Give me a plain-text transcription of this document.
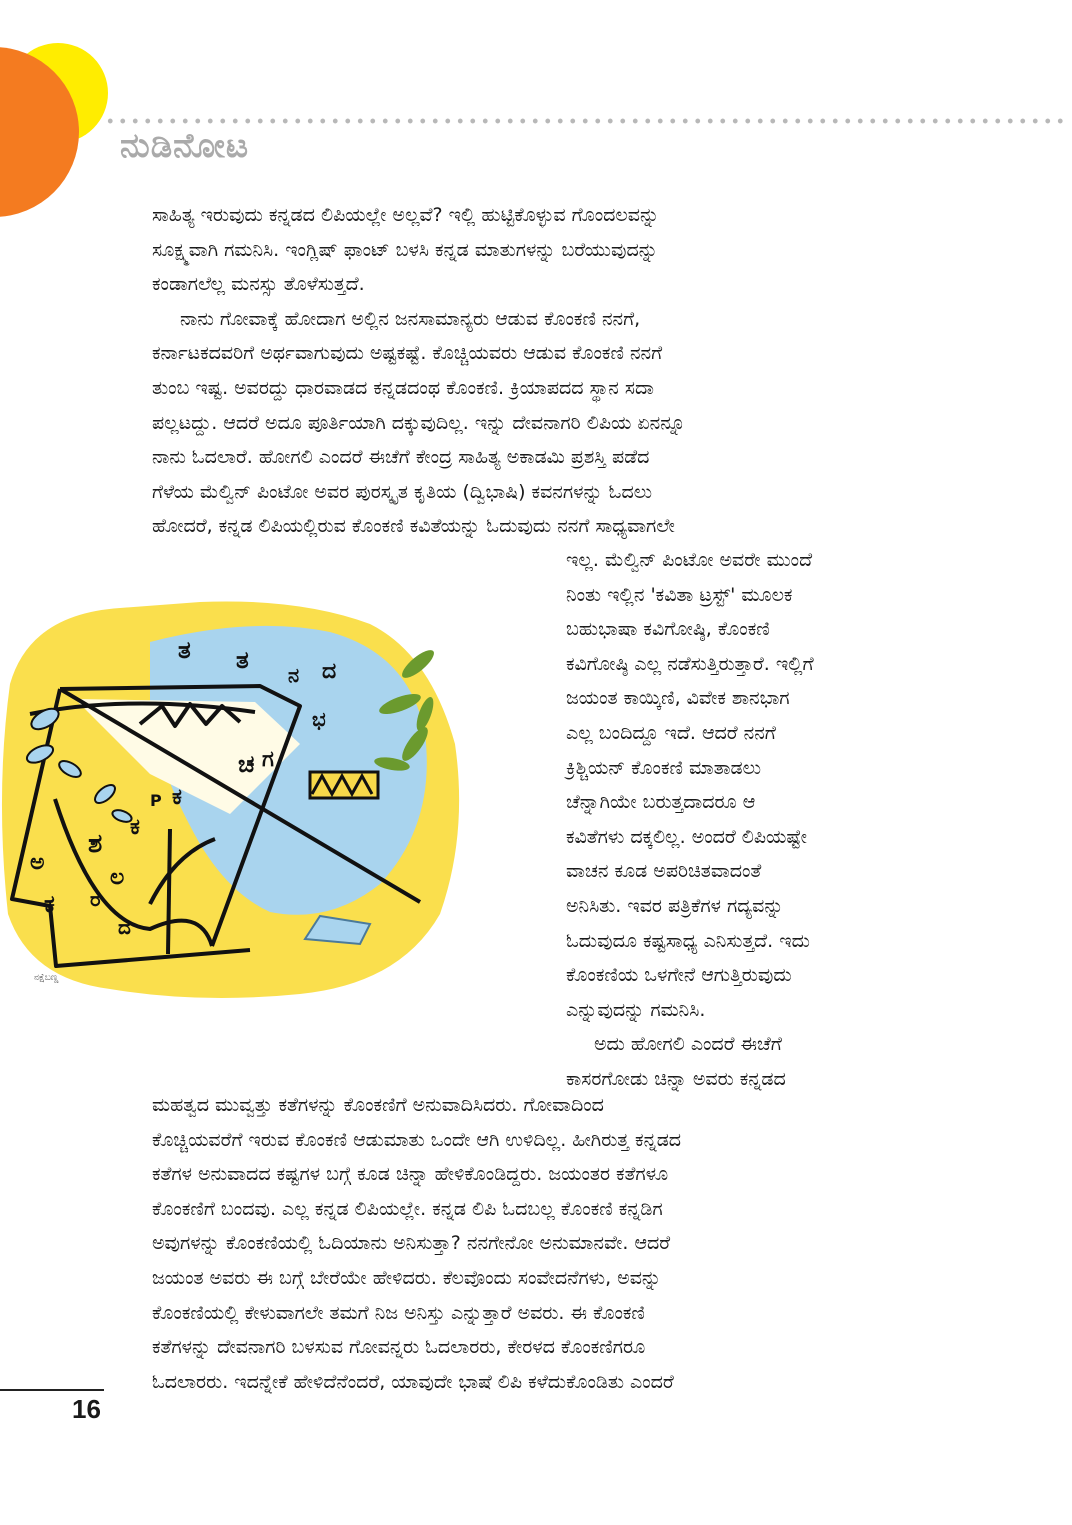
ನುಡಿನೋಟ
ಸಾಹಿತ್ಯ ಇರುವುದು ಕನ್ನಡದ ಲಿಪಿಯಲ್ಲೇ ಅಲ್ಲವೆ? ಇಲ್ಲಿ ಹುಟ್ಟಿಕೊಳ್ಳುವ ಗೊಂದಲವನ್ನು
ಸೂಕ್ಷ್ಮವಾಗಿ ಗಮನಿಸಿ. ಇಂಗ್ಲಿಷ್ ಫಾಂಟ್ ಬಳಸಿ ಕನ್ನಡ ಮಾತುಗಳನ್ನು ಬರೆಯುವುದನ್ನು
ಕಂಡಾಗಲೆಲ್ಲ ಮನಸ್ಸು ತೊಳೆಸುತ್ತದೆ.
ನಾನು ಗೋವಾಕ್ಕೆ ಹೋದಾಗ ಅಲ್ಲಿನ ಜನಸಾಮಾನ್ಯರು ಆಡುವ ಕೊಂಕಣಿ ನನಗೆ,
ಕರ್ನಾಟಕದವರಿಗೆ ಅರ್ಥವಾಗುವುದು ಅಷ್ಟಕಷ್ಟೆ. ಕೊಚ್ಚಿಯವರು ಆಡುವ ಕೊಂಕಣಿ ನನಗೆ
ತುಂಬ ಇಷ್ಟ. ಅವರದ್ದು ಧಾರವಾಡದ ಕನ್ನಡದಂಥ ಕೊಂಕಣಿ. ಕ್ರಿಯಾಪದದ ಸ್ಥಾನ ಸದಾ
ಪಲ್ಲಟದ್ದು. ಆದರೆ ಅದೂ ಪೂರ್ತಿಯಾಗಿ ದಕ್ಕುವುದಿಲ್ಲ. ಇನ್ನು ದೇವನಾಗರಿ ಲಿಪಿಯ ಏನನ್ನೂ
ನಾನು ಓದಲಾರೆ. ಹೋಗಲಿ ಎಂದರೆ ಈಚೆಗೆ ಕೇಂದ್ರ ಸಾಹಿತ್ಯ ಅಕಾಡಮಿ ಪ್ರಶಸ್ತಿ ಪಡೆದ
ಗೆಳೆಯ ಮೆಲ್ವಿನ್ ಪಿಂಟೋ ಅವರ ಪುರಸ್ಕೃತ ಕೃತಿಯ (ದ್ವಿಭಾಷಿ) ಕವನಗಳನ್ನು ಓದಲು
ಹೋದರೆ, ಕನ್ನಡ ಲಿಪಿಯಲ್ಲಿರುವ ಕೊಂಕಣಿ ಕವಿತೆಯನ್ನು ಓದುವುದು ನನಗೆ ಸಾಧ್ಯವಾಗಲೇ
ತ ತ
ನ ದ
ಭ
ಚ ಗ
P ಕ
ಕ
ಶ
ಲ
ಅ
ಕ ರ
ದ
ನಕ್ಷೆಬಣ್ಣ
ಇಲ್ಲ. ಮೆಲ್ವಿನ್ ಪಿಂಟೋ ಅವರೇ ಮುಂದೆ
ನಿಂತು ಇಲ್ಲಿನ 'ಕವಿತಾ ಟ್ರಸ್ಟ್' ಮೂಲಕ
ಬಹುಭಾಷಾ ಕವಿಗೋಷ್ಠಿ, ಕೊಂಕಣಿ
ಕವಿಗೋಷ್ಠಿ ಎಲ್ಲ ನಡೆಸುತ್ತಿರುತ್ತಾರೆ. ಇಲ್ಲಿಗೆ
ಜಯಂತ ಕಾಯ್ಕಿಣಿ, ವಿವೇಕ ಶಾನಭಾಗ
ಎಲ್ಲ ಬಂದಿದ್ದೂ ಇದೆ. ಆದರೆ ನನಗೆ
ಕ್ರಿಶ್ಚಿಯನ್ ಕೊಂಕಣಿ ಮಾತಾಡಲು
ಚೆನ್ನಾಗಿಯೇ ಬರುತ್ತದಾದರೂ ಆ
ಕವಿತೆಗಳು ದಕ್ಕಲಿಲ್ಲ. ಅಂದರೆ ಲಿಪಿಯಷ್ಟೇ
ವಾಚನ ಕೂಡ ಅಪರಿಚಿತವಾದಂತೆ
ಅನಿಸಿತು. ಇವರ ಪತ್ರಿಕೆಗಳ ಗದ್ಯವನ್ನು
ಓದುವುದೂ ಕಷ್ಟಸಾಧ್ಯ ಎನಿಸುತ್ತದೆ. ಇದು
ಕೊಂಕಣಿಯ ಒಳಗೇನೆ ಆಗುತ್ತಿರುವುದು
ಎನ್ನುವುದನ್ನು ಗಮನಿಸಿ.
ಅದು ಹೋಗಲಿ ಎಂದರೆ ಈಚೆಗೆ
ಕಾಸರಗೋಡು ಚಿನ್ನಾ ಅವರು ಕನ್ನಡದ
ಮಹತ್ವದ ಮುವ್ವತ್ತು ಕತೆಗಳನ್ನು ಕೊಂಕಣಿಗೆ ಅನುವಾದಿಸಿದರು. ಗೋವಾದಿಂದ
ಕೊಚ್ಚಿಯವರೆಗೆ ಇರುವ ಕೊಂಕಣಿ ಆಡುಮಾತು ಒಂದೇ ಆಗಿ ಉಳಿದಿಲ್ಲ. ಹೀಗಿರುತ್ತ ಕನ್ನಡದ
ಕತೆಗಳ ಅನುವಾದದ ಕಷ್ಟಗಳ ಬಗ್ಗೆ ಕೂಡ ಚಿನ್ನಾ ಹೇಳಿಕೊಂಡಿದ್ದರು. ಜಯಂತರ ಕತೆಗಳೂ
ಕೊಂಕಣಿಗೆ ಬಂದವು. ಎಲ್ಲ ಕನ್ನಡ ಲಿಪಿಯಲ್ಲೇ. ಕನ್ನಡ ಲಿಪಿ ಓದಬಲ್ಲ ಕೊಂಕಣಿ ಕನ್ನಡಿಗ
ಅವುಗಳನ್ನು ಕೊಂಕಣಿಯಲ್ಲಿ ಓದಿಯಾನು ಅನಿಸುತ್ತಾ? ನನಗೇನೋ ಅನುಮಾನವೇ. ಆದರೆ
ಜಯಂತ ಅವರು ಈ ಬಗ್ಗೆ ಬೇರೆಯೇ ಹೇಳಿದರು. ಕೆಲವೊಂದು ಸಂವೇದನೆಗಳು, ಅವನ್ನು
ಕೊಂಕಣಿಯಲ್ಲಿ ಕೇಳುವಾಗಲೇ ತಮಗೆ ನಿಜ ಅನಿಸ್ತು ಎನ್ನುತ್ತಾರೆ ಅವರು. ಈ ಕೊಂಕಣಿ
ಕತೆಗಳನ್ನು ದೇವನಾಗರಿ ಬಳಸುವ ಗೋವನ್ನರು ಓದಲಾರರು, ಕೇರಳದ ಕೊಂಕಣಿಗರೂ
ಓದಲಾರರು. ಇದನ್ನೇಕೆ ಹೇಳಿದೆನೆಂದರೆ, ಯಾವುದೇ ಭಾಷೆ ಲಿಪಿ ಕಳೆದುಕೊಂಡಿತು ಎಂದರೆ
16
